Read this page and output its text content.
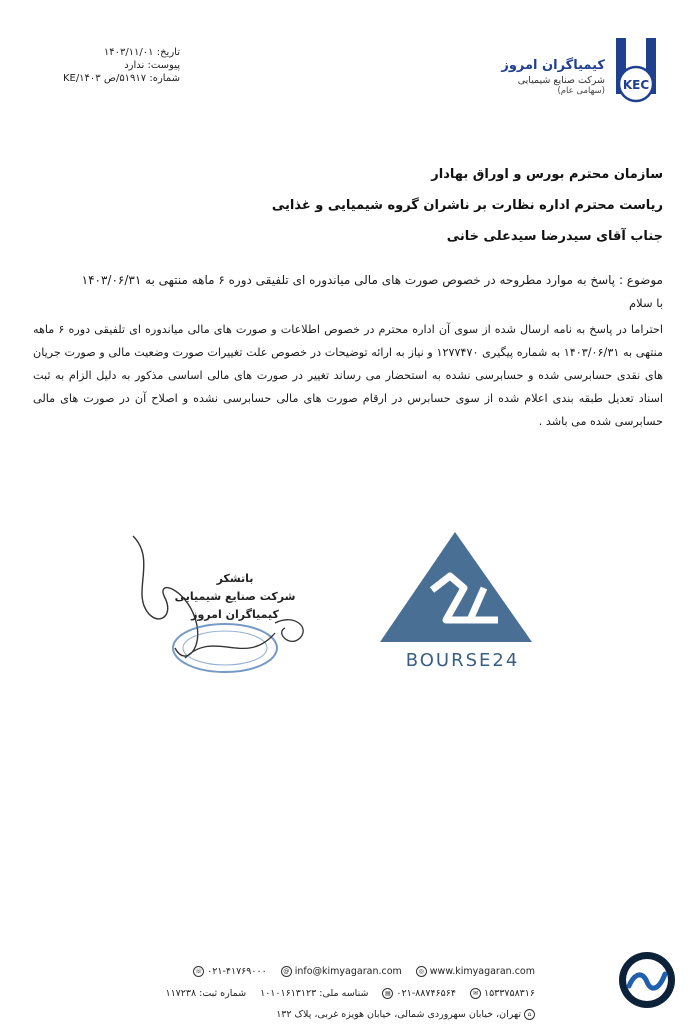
تاریخ: ۱۴۰۳/۱۱/۰۱
پیوست: ندارد
شماره: ۵۱۹۱۷/ص KE/۱۴۰۳	KEC
کیمیاگران امروز
شرکت صنایع شیمیایی
(سهامی عام)
سازمان محترم بورس و اوراق بهادار
ریاست محترم اداره نظارت بر ناشران گروه شیمیایی و غذایی
جناب آقای سیدرضا سیدعلی خانی
موضوع : پاسخ به موارد مطروحه در خصوص صورت های مالی میاندوره ای تلفیقی دوره ۶ ماهه منتهی به ۱۴۰۳/۰۶/۳۱
با سلام
احتراما در پاسخ به نامه ارسال شده از سوی آن اداره محترم در خصوص اطلاعات و صورت های مالی میاندوره ای تلفیقی دوره ۶ ماهه منتهی به ۱۴۰۳/۰۶/۳۱ به شماره پیگیری ۱۲۷۷۴۷۰ و نیاز به ارائه توضیحات در خصوص علت تغییرات صورت وضعیت مالی و صورت جریان های نقدی حسابرسی شده و حسابرسی نشده به استحضار می رساند تغییر در صورت های مالی اساسی مذکور به دلیل الزام به ثبت اسناد تعدیل طبقه بندی اعلام شده از سوی حسابرس در ارقام صورت های مالی حسابرسی نشده و اصلاح آن در صورت های مالی حسابرسی شده می باشد .
باتشکر
شرکت صنایع شیمیایی
کیمیاگران امروز
BOURSE24
۰۲۱-۴۱۷۶۹۰۰۰
☏	@ info@kimyagaran.com	◎ www.kimyagaran.com
شماره ثبت: ۱۱۷۲۳۸ شناسه ملی: ۱۰۱۰۱۶۱۳۱۲۳	۰۲۱-۸۸۷۴۶۵۶۴
▤	۱۵۳۳۷۵۸۳۱۶
✉
⌂
تهران، خیابان سهروردی شمالی، خیابان هویزه غربی، پلاک ۱۳۲
